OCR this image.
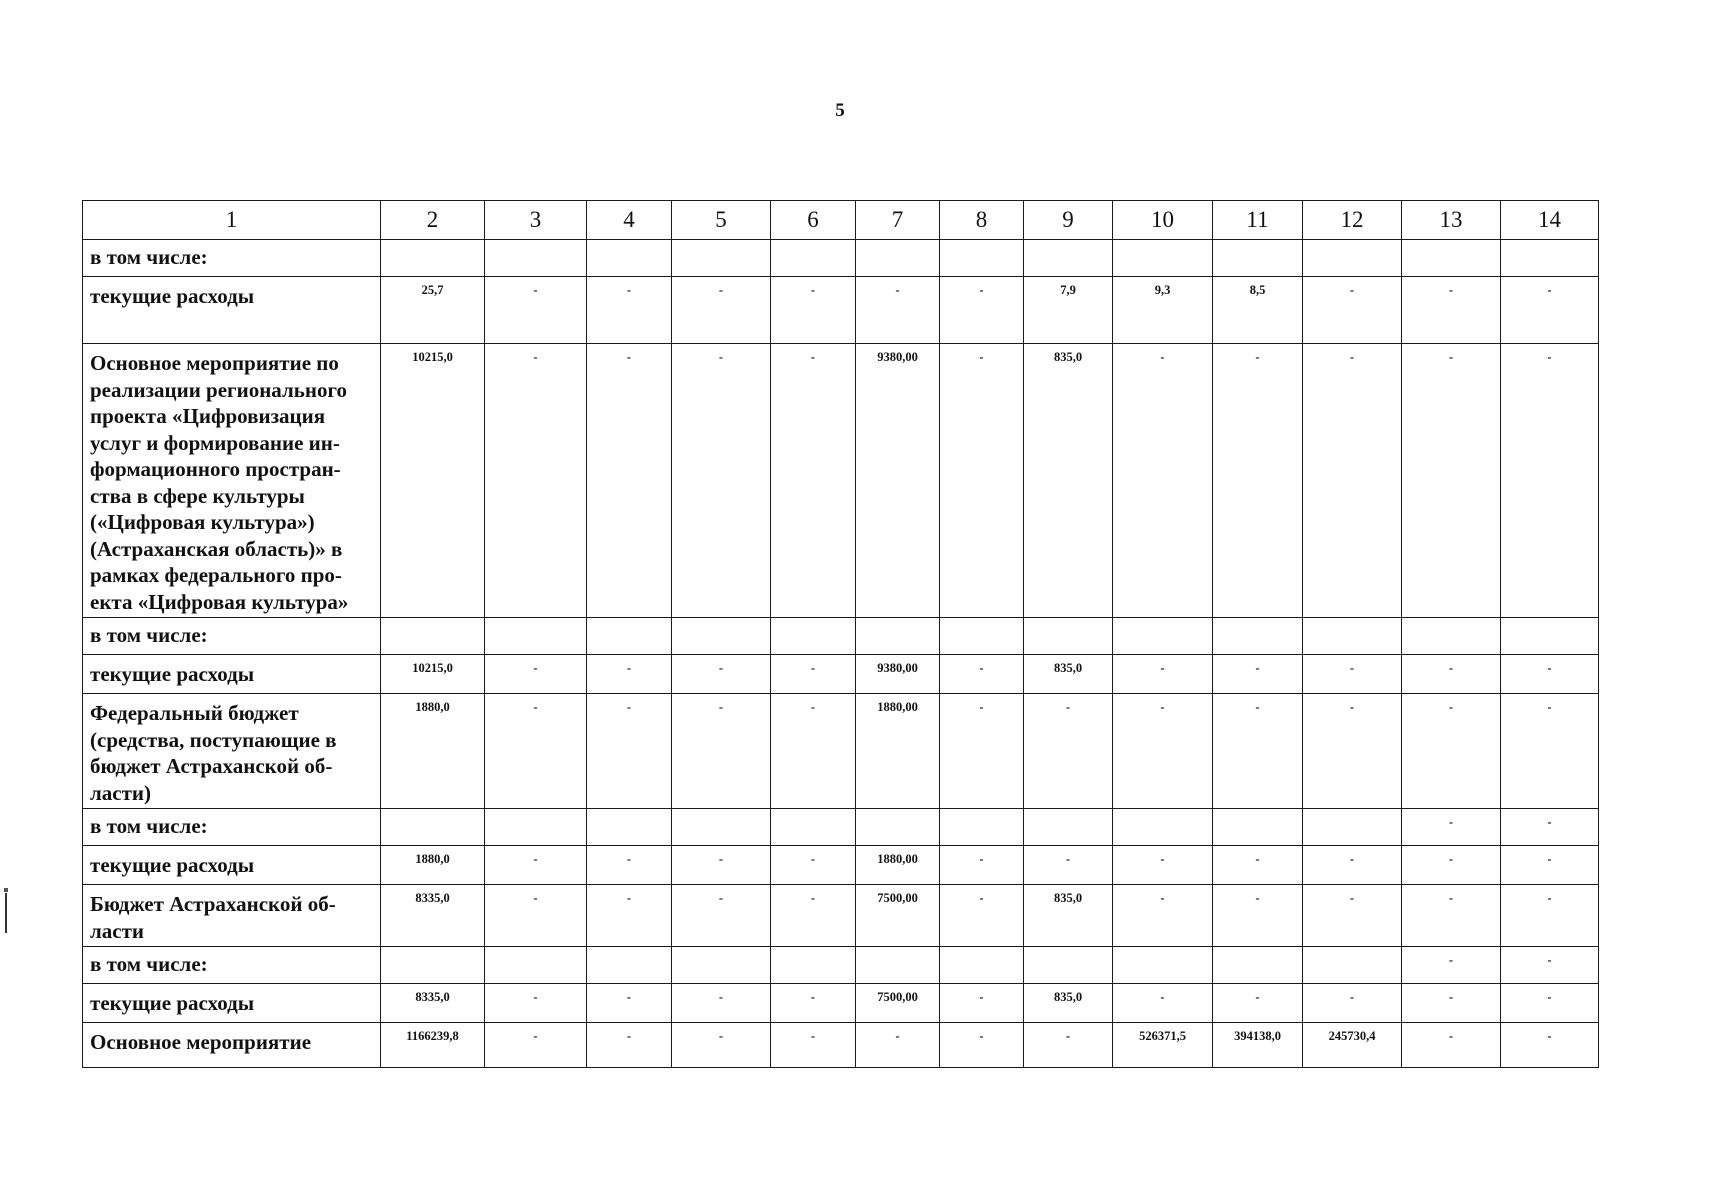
5
1	2	3	4	5	6	7	8	9	10	11	12	13	14
в том числе:													
текущие расходы	25,7	-	-	-	-	-	-	7,9	9,3	8,5	-	-	-
Основное мероприятие по реализации регионального проекта «Цифровизация услуг и формирование ин-формационного простран-ства в сфере культуры («Цифровая культура») (Астраханская область)» в рамках федерального про-екта «Цифровая культура»	10215,0	-	-	-	-	9380,00	-	835,0	-	-	-	-	-
в том числе:													
текущие расходы	10215,0	-	-	-	-	9380,00	-	835,0	-	-	-	-	-
Федеральный бюджет (средства, поступающие в бюджет Астраханской об-ласти)	1880,0	-	-	-	-	1880,00	-	-	-	-	-	-	-
в том числе:												-	-
текущие расходы	1880,0	-	-	-	-	1880,00	-	-	-	-	-	-	-
Бюджет Астраханской об-ласти	8335,0	-	-	-	-	7500,00	-	835,0	-	-	-	-	-
в том числе:												-	-
текущие расходы	8335,0	-	-	-	-	7500,00	-	835,0	-	-	-	-	-
Основное мероприятие	1166239,8	-	-	-	-	-	-	-	526371,5	394138,0	245730,4	-	-
